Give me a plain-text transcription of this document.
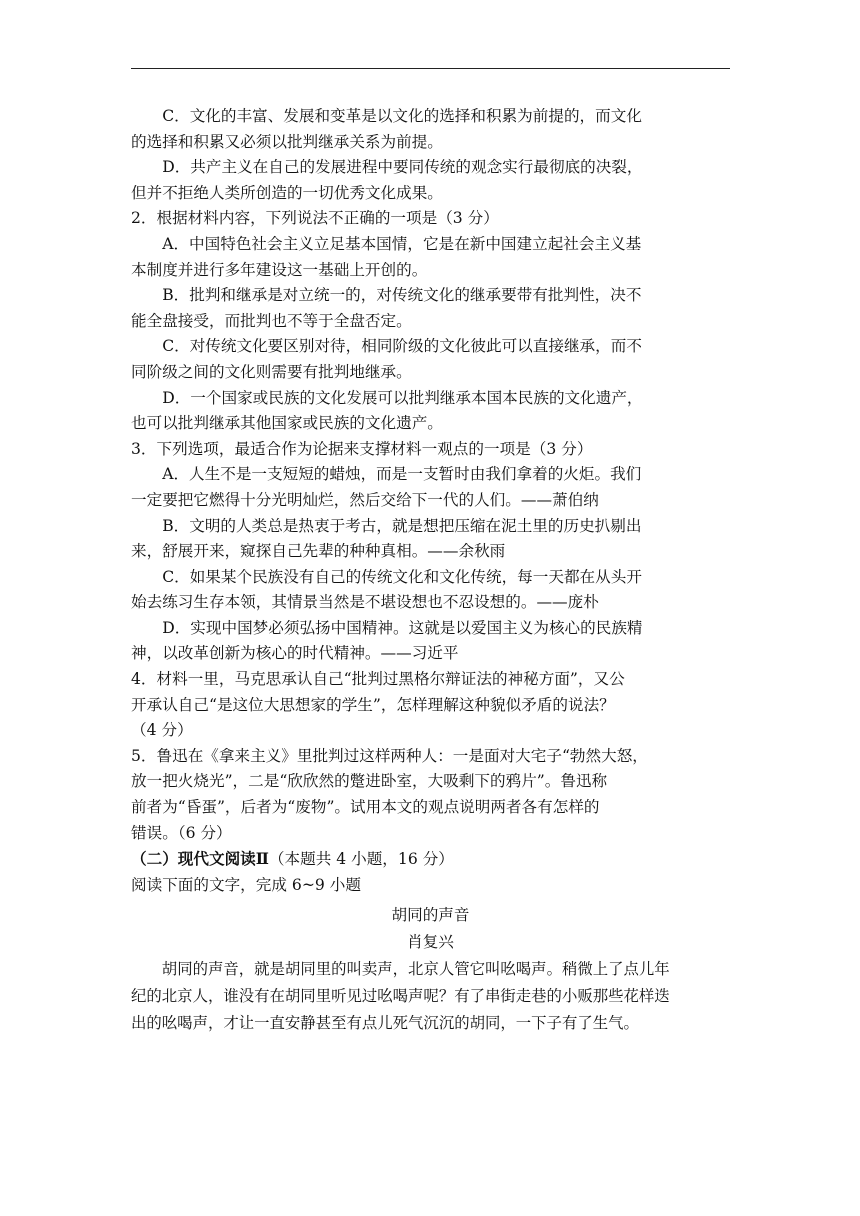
C．文化的丰富、发展和变革是以文化的选择和积累为前提的，而文化
的选择和积累又必须以批判继承关系为前提。

D．共产主义在自己的发展进程中要同传统的观念实行最彻底的决裂，
但并不拒绝人类所创造的一切优秀文化成果。

2．根据材料内容，下列说法不正确的一项是（3 分）

A．中国特色社会主义立足基本国情，它是在新中国建立起社会主义基
本制度并进行多年建设这一基础上开创的。

B．批判和继承是对立统一的，对传统文化的继承要带有批判性，决不
能全盘接受，而批判也不等于全盘否定。

C．对传统文化要区别对待，相同阶级的文化彼此可以直接继承，而不
同阶级之间的文化则需要有批判地继承。

D．一个国家或民族的文化发展可以批判继承本国本民族的文化遗产，
也可以批判继承其他国家或民族的文化遗产。

3．下列选项，最适合作为论据来支撑材料一观点的一项是（3 分）

A．人生不是一支短短的蜡烛，而是一支暂时由我们拿着的火炬。我们
一定要把它燃得十分光明灿烂，然后交给下一代的人们。——萧伯纳

B．文明的人类总是热衷于考古，就是想把压缩在泥土里的历史扒剔出
来，舒展开来，窥探自己先辈的种种真相。——余秋雨

C．如果某个民族没有自己的传统文化和文化传统，每一天都在从头开
始去练习生存本领，其情景当然是不堪设想也不忍设想的。——庞朴

D．实现中国梦必须弘扬中国精神。这就是以爱国主义为核心的民族精
神，以改革创新为核心的时代精神。——习近平

4．材料一里，马克思承认自己“批判过黑格尔辩证法的神秘方面”，又公
开承认自己“是这位大思想家的学生”，怎样理解这种貌似矛盾的说法？
（4 分）

5．鲁迅在《拿来主义》里批判过这样两种人：一是面对大宅子“勃然大怒，
放一把火烧光”，二是“欣欣然的蹩进卧室，大吸剩下的鸦片”。鲁迅称
前者为“昏蛋”，后者为“废物”。试用本文的观点说明两者各有怎样的
错误。（6 分）

（二）现代文阅读Ⅱ（本题共 4 小题，16 分）

阅读下面的文字，完成 6~9 小题

胡同的声音

肖复兴

胡同的声音，就是胡同里的叫卖声，北京人管它叫吆喝声。稍微上了点儿年
纪的北京人，谁没有在胡同里听见过吆喝声呢？有了串街走巷的小贩那些花样迭
出的吆喝声，才让一直安静甚至有点儿死气沉沉的胡同，一下子有了生气。
